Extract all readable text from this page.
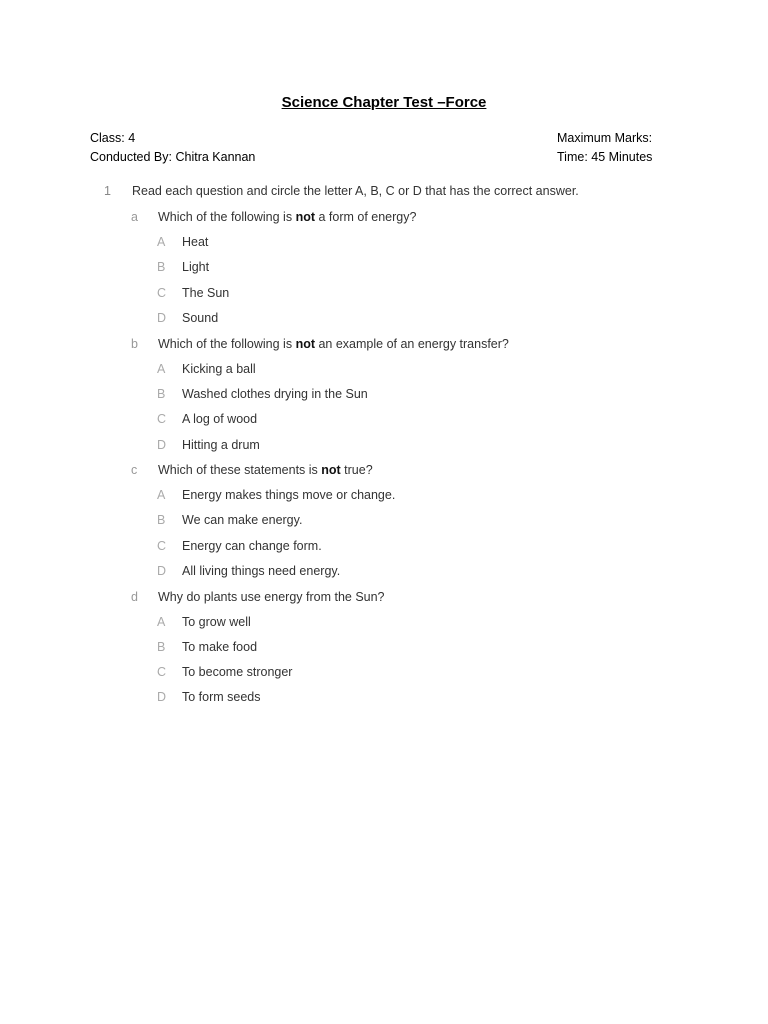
Science Chapter Test –Force
Class: 4
Conducted By: Chitra Kannan
Maximum Marks:
Time: 45 Minutes
1 Read each question and circle the letter A, B, C or D that has the correct answer.
a Which of the following is not a form of energy?
A Heat
B Light
C The Sun
D Sound
b Which of the following is not an example of an energy transfer?
A Kicking a ball
B Washed clothes drying in the Sun
C A log of wood
D Hitting a drum
c Which of these statements is not true?
A Energy makes things move or change.
B We can make energy.
C Energy can change form.
D All living things need energy.
d Why do plants use energy from the Sun?
A To grow well
B To make food
C To become stronger
D To form seeds
